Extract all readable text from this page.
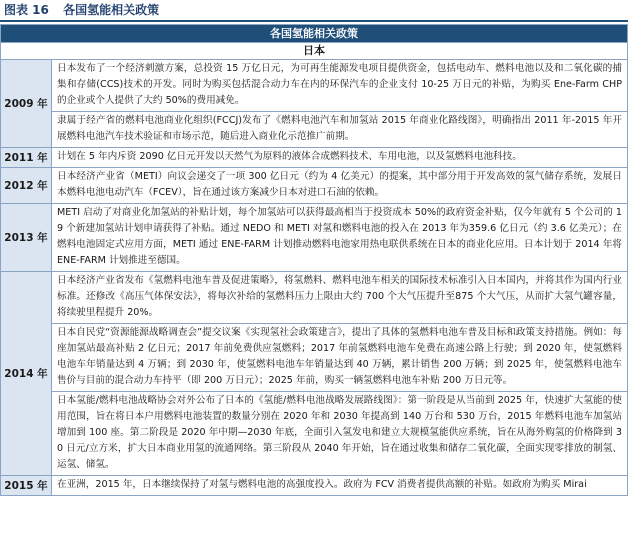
图表 16 各国氢能相关政策
各国氢能相关政策	
日本	
2009 年	日本发布了一个经济刺激方案，总投资 15 万亿日元，为可再生能源发电项目提供资金，包括电动车、燃料电池以及和二氧化碳的捕集和存储(CCS)技术的开发。同时为购买包括混合动力车在内的环保汽车的企业支付 10-25 万日元的补贴，为购买 Ene-Farm CHP 的企业或个人提供了大约 50%的费用减免。
	隶属于经产省的燃料电池商业化组织(FCCJ)发布了《燃料电池汽车和加氢站 2015 年商业化路线图》，明确指出 2011 年-2015 年开展燃料电池汽车技术验证和市场示范，随后进入商业化示范推广前期。
2011 年	计划在 5 年内斥资 2090 亿日元开发以天然气为原料的液体合成燃料技术、车用电池，以及氢燃料电池科技。
2012 年	日本经济产业省（METI）向议会递交了一项 300 亿日元（约为 4 亿美元）的提案，其中部分用于开发高效的氢气储存系统，发展日本燃料电池电动汽车（FCEV），旨在通过该方案减少日本对进口石油的依赖。
2013 年	METI 启动了对商业化加氢站的补贴计划，每个加氢站可以获得最高相当于投资成本 50%的政府资金补贴，仅今年就有 5 个公司的 19 个新建加氢站计划申请获得了补贴。通过 NEDO 和 METI 对氢和燃料电池的投入在 2013 年为359.6 亿日元（约 3.6 亿美元）；在燃料电池固定式应用方面，METI 通过 ENE-FARM 计划推动燃料电池家用热电联供系统在日本的商业化应用。日本计划于 2014 年将 ENE-FARM 计划推进至德国。
2014 年	日本经济产业省发布《氢燃料电池车普及促进策略》，将氢燃料、燃料电池车相关的国际技术标准引入日本国内，并将其作为国内行业标准。还修改《高压气体保安法》，将每次补给的氢燃料压力上限由大约 700 个大气压提升至875 个大气压，从而扩大氢气罐容量，将续驶里程提升 20%。
	日本自民党“资源能源战略调查会”提交议案《实现氢社会政策建言》，提出了具体的氢燃料电池车普及目标和政策支持措施。例如：每座加氢站最高补贴 2 亿日元；2017 年前免费供应氢燃料；2017 年前氢燃料电池车免费在高速公路上行驶；到 2020 年，使氢燃料电池车年销量达到 4 万辆；到 2030 年，使氢燃料电池车年销量达到 40 万辆，累计销售 200 万辆；到 2025 年，使氢燃料电池车售价与目前的混合动力车持平（即 200 万日元）；2025 年前，购买一辆氢燃料电池车补贴 200 万日元等。
	日本氢能/燃料电池战略协会对外公布了日本的《氢能/燃料电池战略发展路线图》：第一阶段是从当前到 2025 年，快速扩大氢能的使用范围，旨在将日本户用燃料电池装置的数量分别在 2020 年和 2030 年提高到 140 万台和 530 万台，2015 年燃料电池车加氢站增加到 100 座。第二阶段是 2020 年中期—2030 年底，全面引入氢发电和建立大规模氢能供应系统，旨在从海外购氢的价格降到 30 日元/立方米，扩大日本商业用氢的流通网络。第三阶段从 2040 年开始，旨在通过收集和储存二氧化碳，全面实现零排放的制氢、运氢、储氢。
2015 年	在亚洲，2015 年，日本继续保持了对氢与燃料电池的高强度投入。政府为 FCV 消费者提供高额的补贴。如政府为购买 Mirai
